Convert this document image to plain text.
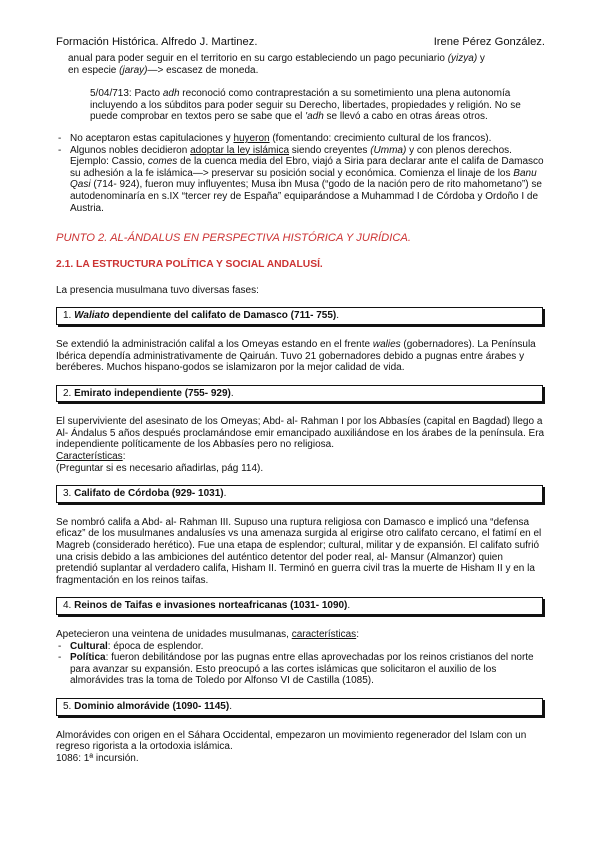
Formación Histórica. Alfredo J. Martinez.	Irene Pérez González.

anual para poder seguir en el territorio en su cargo estableciendo un pago pecuniario (yizya) y
en especie (jaray)—> escasez de moneda.

5/04/713: Pacto adh reconoció como contraprestación a su sometimiento una plena autonomía incluyendo a los súbditos para poder seguir su Derecho, libertades, propiedades y religión. No se puede comprobar en textos pero se sabe que el 'adh se llevó a cabo en otras áreas otros.

- No aceptaron estas capitulaciones y huyeron (fomentando: crecimiento cultural de los francos).
- Algunos nobles decidieron adoptar la ley islámica siendo creyentes (Umma) y con plenos derechos. Ejemplo: Cassio, comes de la cuenca media del Ebro, viajó a Siria para declarar ante el califa de Damasco su adhesión a la fe islámica—> preservar su posición social y económica. Comienza el linaje de los Banu Qasi (714- 924), fueron muy influyentes; Musa ibn Musa (“godo de la nación pero de rito mahometano”) se autodenominaría en s.IX “tercer rey de España” equiparándose a Muhammad I de Córdoba y Ordoño I de Austria.

PUNTO 2. AL-ÁNDALUS EN PERSPECTIVA HISTÓRICA Y JURÍDICA.

2.1. LA ESTRUCTURA POLÍTICA Y SOCIAL ANDALUSÍ.

La presencia musulmana tuvo diversas fases:

1. Waliato dependiente del califato de Damasco (711- 755).

Se extendió la administración califal a los Omeyas estando en el frente walies (gobernadores). La Península Ibérica dependía administrativamente de Qairuán. Tuvo 21 gobernadores debido a pugnas entre árabes y beréberes. Muchos hispano-godos se islamizaron por la mejor calidad de vida.

2. Emirato independiente (755- 929).

El superviviente del asesinato de los Omeyas; Abd- al- Rahman I por los Abbasíes (capital en Bagdad) llego a Al- Ándalus 5 años después proclamándose emir emancipado auxiliándose en los árabes de la península. Era independiente políticamente de los Abbasíes pero no religiosa.
Características:
(Preguntar si es necesario añadirlas, pág 114).

3. Califato de Córdoba (929- 1031).

Se nombró califa a Abd- al- Rahman III. Supuso una ruptura religiosa con Damasco e implicó una “defensa eficaz” de los musulmanes andalusíes vs una amenaza surgida al erigirse otro califato cercano, el fatimí en el Magreb (considerado herético). Fue una etapa de esplendor; cultural, militar y de expansión. El califato sufrió una crisis debido a las ambiciones del auténtico detentor del poder real, al- Mansur (Almanzor) quien pretendió suplantar al verdadero califa, Hisham II. Terminó en guerra civil tras la muerte de Hisham II y en la fragmentación en los reinos taifas.

4. Reinos de Taifas e invasiones norteafricanas (1031- 1090).

Apetecieron una veintena de unidades musulmanas, características:

- Cultural: época de esplendor.
- Política: fueron debilitándose por las pugnas entre ellas aprovechadas por los reinos cristianos del norte para avanzar su expansión. Esto preocupó a las cortes islámicas que solicitaron el auxilio de los almorávides tras la toma de Toledo por Alfonso VI de Castilla (1085).
5. Dominio almorávide (1090- 1145).

Almorávides con origen en el Sáhara Occidental, empezaron un movimiento regenerador del Islam con un regreso rigorista a la ortodoxia islámica.
1086: 1ª incursión.
